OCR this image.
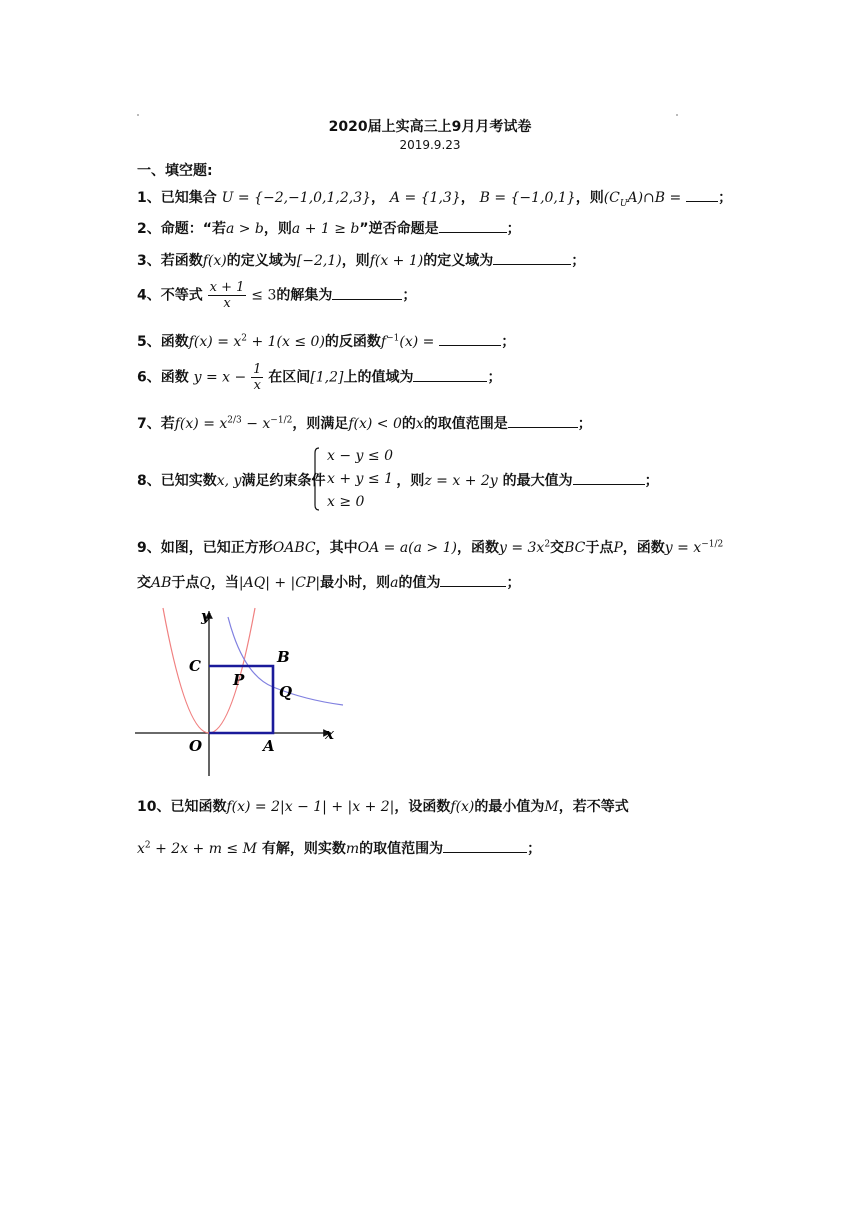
2020届上实高三上9月月考试卷
2019.9.23
一、填空题:
1、已知集合 U = {−2,−1,0,1,2,3}， A = {1,3}， B = {−1,0,1}，则$(C_UA)\cap B$ =	；
2、命题：“若a > b，则a + 1 ≥ b”逆否命题是	；
3、若函数f(x)的定义域为[−2,1)，则f(x + 1)的定义域为	；
4、不等式 $\frac{x + 1}{x} \le 3$的解集为	；
5、函数$f(x) = x^2 + 1(x \le 0)$的反函数$f^{-1}(x)$ =	；
6、函数 $y = x - \frac{1}{x}$ 在区间[1,2]上的值域为	；
7、若$f(x) = x^{2/3} - x^{-1/2}$，则满足f(x) < 0的x的取值范围是	；
8、已知实数x, y满足约束条件	，则z = x + 2y 的最大值为	；
x − y ≤ 0
x + y ≤ 1
x ≥ 0
9、如图，已知正方形OABC，其中OA = a(a > 1)，函数$y = 3x^2$交BC于点P，函数$y = x^{-1/2}$
交AB于点Q，当|AQ| + |CP|最小时，则a的值为	；
y
x
O	A
B
C
P
Q
10、已知函数f(x) = 2|x − 1| + |x + 2|，设函数f(x)的最小值为M，若不等式
$x^2 + 2x + m \le M$ 有解，则实数m的取值范围为	；
